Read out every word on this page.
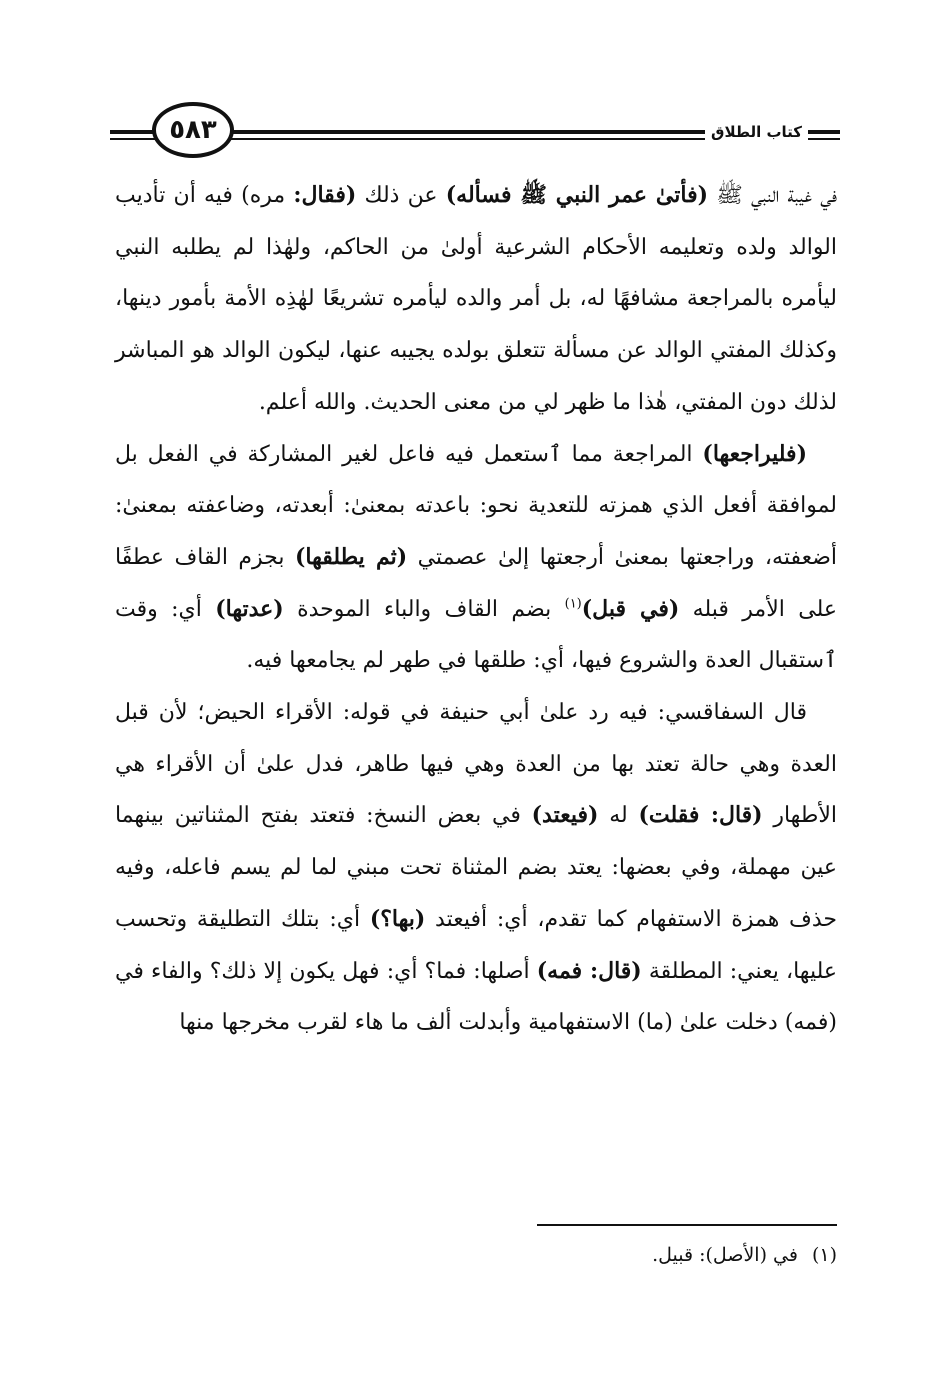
٥٨٣	كتاب الطلاق

في غيبة النبي ﷺ (فأتىٰ عمر النبي ﷺ فسأله) عن ذلك (فقال: مره) فيه أن تأديب الوالد ولده وتعليمه الأحكام الشرعية أولىٰ من الحاكم، ولهٰذا لم يطلبه النبي ليأمره بالمراجعة مشافهًا له، بل أمر والده ليأمره تشريعًا لهٰذِه الأمة بأمور دينها، وكذلك المفتي الوالد عن مسألة تتعلق بولده يجيبه عنها، ليكون الوالد هو المباشر لذلك دون المفتي، هٰذا ما ظهر لي من معنى الحديث. والله أعلم.

(فليراجعها) المراجعة مما ٱستعمل فيه فاعل لغير المشاركة في الفعل بل لموافقة أفعل الذي همزته للتعدية نحو: باعدته بمعنىٰ: أبعدته، وضاعفته بمعنىٰ: أضعفته، وراجعتها بمعنىٰ أرجعتها إلىٰ عصمتي (ثم يطلقها) بجزم القاف عطفًا على الأمر قبله (في قبل)$^{(١)}$ بضم القاف والباء الموحدة (عدتها) أي: وقت ٱستقبال العدة والشروع فيها، أي: طلقها في طهر لم يجامعها فيه.

قال السفاقسي: فيه رد علىٰ أبي حنيفة في قوله: الأقراء الحيض؛ لأن قبل العدة وهي حالة تعتد بها من العدة وهي فيها طاهر، فدل علىٰ أن الأقراء هي الأطهار (قال: فقلت) له (فيعتد) في بعض النسخ: فتعتد بفتح المثناتين بينهما عين مهملة، وفي بعضها: يعتد بضم المثناة تحت مبني لما لم يسم فاعله، وفيه حذف همزة الاستفهام كما تقدم، أي: أفيعتد (بها؟) أي: بتلك التطليقة وتحسب عليها، يعني: المطلقة (قال: فمه) أصلها: فما؟ أي: فهل يكون إلا ذلك؟ والفاء في (فمه) دخلت علىٰ (ما) الاستفهامية وأبدلت ألف ما هاء لقرب مخرجها منها

(١)في (الأصل): قبيل.
